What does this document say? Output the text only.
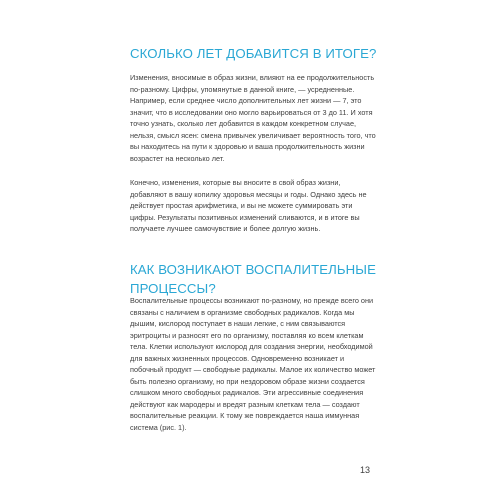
СКОЛЬКО ЛЕТ ДОБАВИТСЯ В ИТОГЕ?

Изменения, вносимые в образ жизни, влияют на ее продолжительность по-разному. Цифры, упомянутые в данной книге, — усредненные. Например, если среднее число дополнительных лет жизни — 7, это значит, что в исследовании оно могло варьироваться от 3 до 11. И хотя точно узнать, сколько лет добавится в каждом конкретном случае, нельзя, смысл ясен: смена привычек увеличивает вероятность того, что вы находитесь на пути к здоровью и ваша продолжительность жизни возрастет на несколько лет.

Конечно, изменения, которые вы вносите в свой образ жизни, добавляют в вашу копилку здоровья месяцы и годы. Однако здесь не действует простая арифметика, и вы не можете суммировать эти цифры. Результаты позитивных изменений сливаются, и в итоге вы получаете лучшее самочувствие и более долгую жизнь.

КАК ВОЗНИКАЮТ ВОСПАЛИТЕЛЬНЫЕ ПРОЦЕССЫ?

Воспалительные процессы возникают по-разному, но прежде всего они связаны с наличием в организме свободных радикалов. Когда мы дышим, кислород поступает в наши легкие, с ним связываются эритроциты и разносят его по организму, поставляя ко всем клеткам тела. Клетки используют кислород для создания энергии, необходимой для важных жизненных процессов. Одновременно возникает и побочный продукт — свободные радикалы. Малое их количество может быть полезно организму, но при нездоровом образе жизни создается слишком много свободных радикалов. Эти агрессивные соединения действуют как мародеры и вредят разным клеткам тела — создают воспалительные реакции. К тому же повреждается наша иммунная система (рис. 1).

13
